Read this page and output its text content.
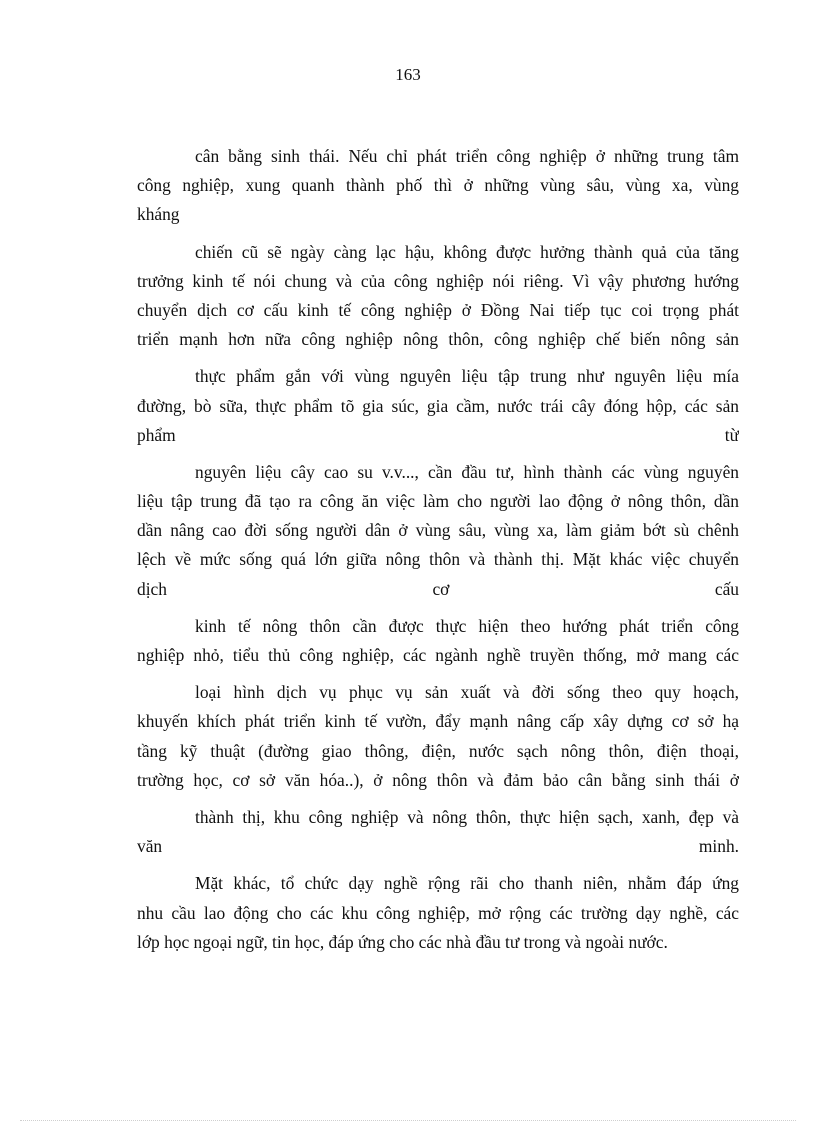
163
cân bằng sinh thái. Nếu chỉ phát triển công nghiệp ở những trung tâm
công nghiệp, xung quanh thành phố thì ở những vùng sâu, vùng xa, vùng
kháng
chiến cũ sẽ ngày càng lạc hậu, không được hưởng thành quả của tăng
trưởng kinh tế nói chung và của công nghiệp nói riêng. Vì vậy phương hướng
chuyển dịch cơ cấu kinh tế công nghiệp ở Đồng Nai tiếp tục coi trọng phát
triển mạnh hơn nữa công nghiệp nông thôn, công nghiệp chế biến nông sản
thực phẩm gắn với vùng nguyên liệu tập trung như nguyên liệu mía
đường, bò sữa, thực phẩm tõ gia súc, gia cầm, nước trái cây đóng hộp, các sản
phẩm từ
nguyên liệu cây cao su v.v..., cần đầu tư, hình thành các vùng nguyên
liệu tập trung đã tạo ra công ăn việc làm cho người lao động ở nông thôn, dần
dần nâng cao đời sống người dân ở vùng sâu, vùng xa, làm giảm bớt sù chênh
lệch về mức sống quá lớn giữa nông thôn và thành thị. Mặt khác việc chuyển
dịch cơ cấu
kinh tế nông thôn cần được thực hiện theo hướng phát triển công
nghiệp nhỏ, tiểu thủ công nghiệp, các ngành nghề truyền thống, mở mang các
loại hình dịch vụ phục vụ sản xuất và đời sống theo quy hoạch,
khuyến khích phát triển kinh tế vườn, đẩy mạnh nâng cấp xây dựng cơ sở hạ
tầng kỹ thuật (đường giao thông, điện, nước sạch nông thôn, điện thoại,
trường học, cơ sở văn hóa..), ở nông thôn và đảm bảo cân bằng sinh thái ở
thành thị, khu công nghiệp và nông thôn, thực hiện sạch, xanh, đẹp và
văn minh.
Mặt khác, tổ chức dạy nghề rộng rãi cho thanh niên, nhằm đáp ứng
nhu cầu lao động cho các khu công nghiệp, mở rộng các trường dạy nghề, các
lớp học ngoại ngữ, tin học, đáp ứng cho các nhà đầu tư trong và ngoài nước.
